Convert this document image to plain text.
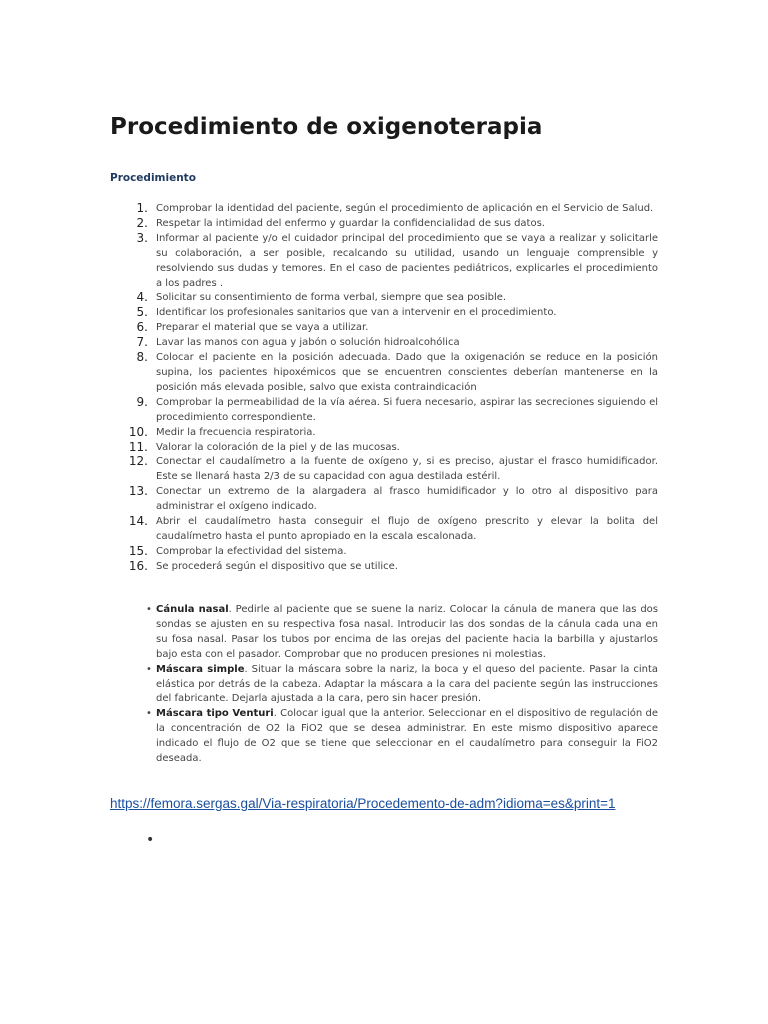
Procedimiento de oxigenoterapia

Procedimiento

1. Comprobar la identidad del paciente, según el procedimiento de aplicación en el Servicio de Salud.
2. Respetar la intimidad del enfermo y guardar la confidencialidad de sus datos.
3. Informar al paciente y/o el cuidador principal del procedimiento que se vaya a realizar y solicitarle su colaboración, a ser posible, recalcando su utilidad, usando un lenguaje comprensible y resolviendo sus dudas y temores. En el caso de pacientes pediátricos, explicarles el procedimiento a los padres .
4. Solicitar su consentimiento de forma verbal, siempre que sea posible.
5. Identificar los profesionales sanitarios que van a intervenir en el procedimiento.
6. Preparar el material que se vaya a utilizar.
7. Lavar las manos con agua y jabón o solución hidroalcohólica
8. Colocar el paciente en la posición adecuada. Dado que la oxigenación se reduce en la posición supina, los pacientes hipoxémicos que se encuentren conscientes deberían mantenerse en la posición más elevada posible, salvo que exista contraindicación
9. Comprobar la permeabilidad de la vía aérea. Si fuera necesario, aspirar las secreciones siguiendo el procedimiento correspondiente.
10. Medir la frecuencia respiratoria.
11. Valorar la coloración de la piel y de las mucosas.
12. Conectar el caudalímetro a la fuente de oxígeno y, si es preciso, ajustar el frasco humidificador. Este se llenará hasta 2/3 de su capacidad con agua destilada estéril.
13. Conectar un extremo de la alargadera al frasco humidificador y lo otro al dispositivo para administrar el oxígeno indicado.
14. Abrir el caudalímetro hasta conseguir el flujo de oxígeno prescrito y elevar la bolita del caudalímetro hasta el punto apropiado en la escala escalonada.
15. Comprobar la efectividad del sistema.
16. Se procederá según el dispositivo que se utilice.
• Cánula nasal. Pedirle al paciente que se suene la nariz. Colocar la cánula de manera que las dos sondas se ajusten en su respectiva fosa nasal. Introducir las dos sondas de la cánula cada una en su fosa nasal. Pasar los tubos por encima de las orejas del paciente hacia la barbilla y ajustarlos bajo esta con el pasador. Comprobar que no producen presiones ni molestias.
• Máscara simple. Situar la máscara sobre la nariz, la boca y el queso del paciente. Pasar la cinta elástica por detrás de la cabeza. Adaptar la máscara a la cara del paciente según las instrucciones del fabricante. Dejarla ajustada a la cara, pero sin hacer presión.
• Máscara tipo Venturi. Colocar igual que la anterior. Seleccionar en el dispositivo de regulación de la concentración de O2 la FiO2 que se desea administrar. En este mismo dispositivo aparece indicado el flujo de O2 que se tiene que seleccionar en el caudalímetro para conseguir la FiO2 deseada.
https://femora.sergas.gal/Via-respiratoria/Procedemento-de-adm?idioma=es&print=1
•
